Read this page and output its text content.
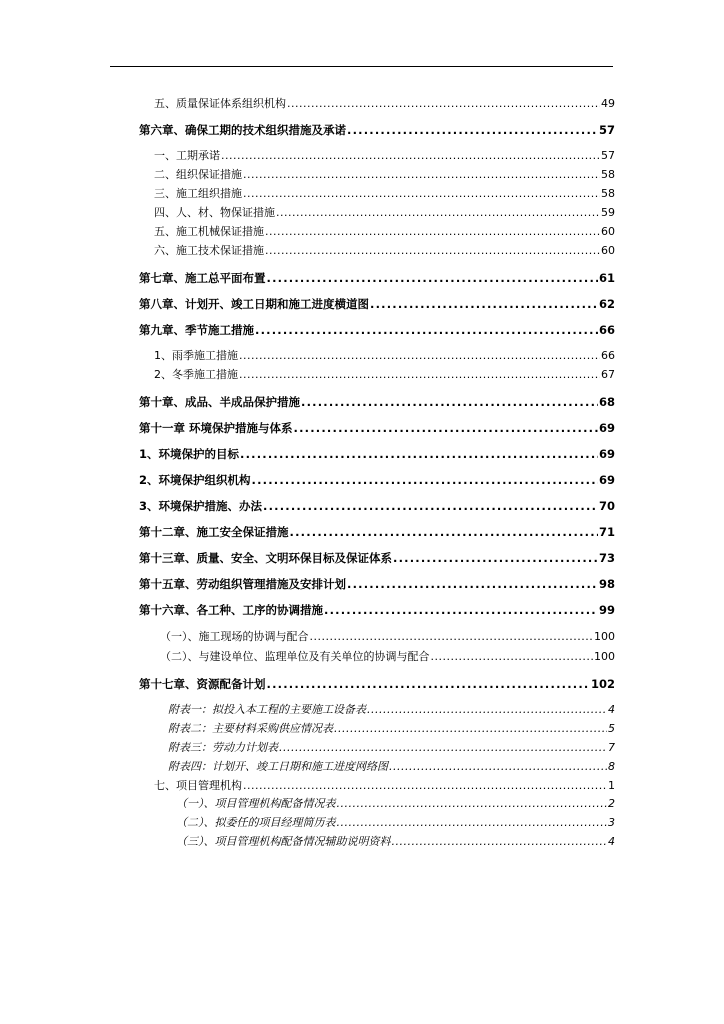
五、质量保证体系组织机构 .....	49
第六章、确保工期的技术组织措施及承诺 .....	57
一、工期承诺 .....	57
二、组织保证措施 .....	58
三、施工组织措施 .....	58
四、人、材、物保证措施 .....	59
五、施工机械保证措施 .....	60
六、施工技术保证措施 .....	60
第七章、施工总平面布置 .....	61
第八章、计划开、竣工日期和施工进度横道图 .....	62
第九章、季节施工措施 .....	66
1、雨季施工措施 .....	66
2、冬季施工措施 .....	67
第十章、成品、半成品保护措施 .....	68
第十一章 环境保护措施与体系 .....	69
1、环境保护的目标 .....	69
2、环境保护组织机构 .....	69
3、环境保护措施、办法 .....	70
第十二章、施工安全保证措施 .....	71
第十三章、质量、安全、文明环保目标及保证体系 .....	73
第十五章、劳动组织管理措施及安排计划 .....	98
第十六章、各工种、工序的协调措施 .....	99
（一）、施工现场的协调与配合 .....	100
（二）、与建设单位、监理单位及有关单位的协调与配合 .....	100
第十七章、资源配备计划 .....	102
附表一：拟投入本工程的主要施工设备表 .....	4
附表二：主要材料采购供应情况表 .....	5
附表三：劳动力计划表 .....	7
附表四：计划开、竣工日期和施工进度网络图 .....	8
七、项目管理机构 .....	1
（一）、项目管理机构配备情况表 .....	2
（二）、拟委任的项目经理简历表 .....	3
（三）、项目管理机构配备情况辅助说明资料 .....	4
